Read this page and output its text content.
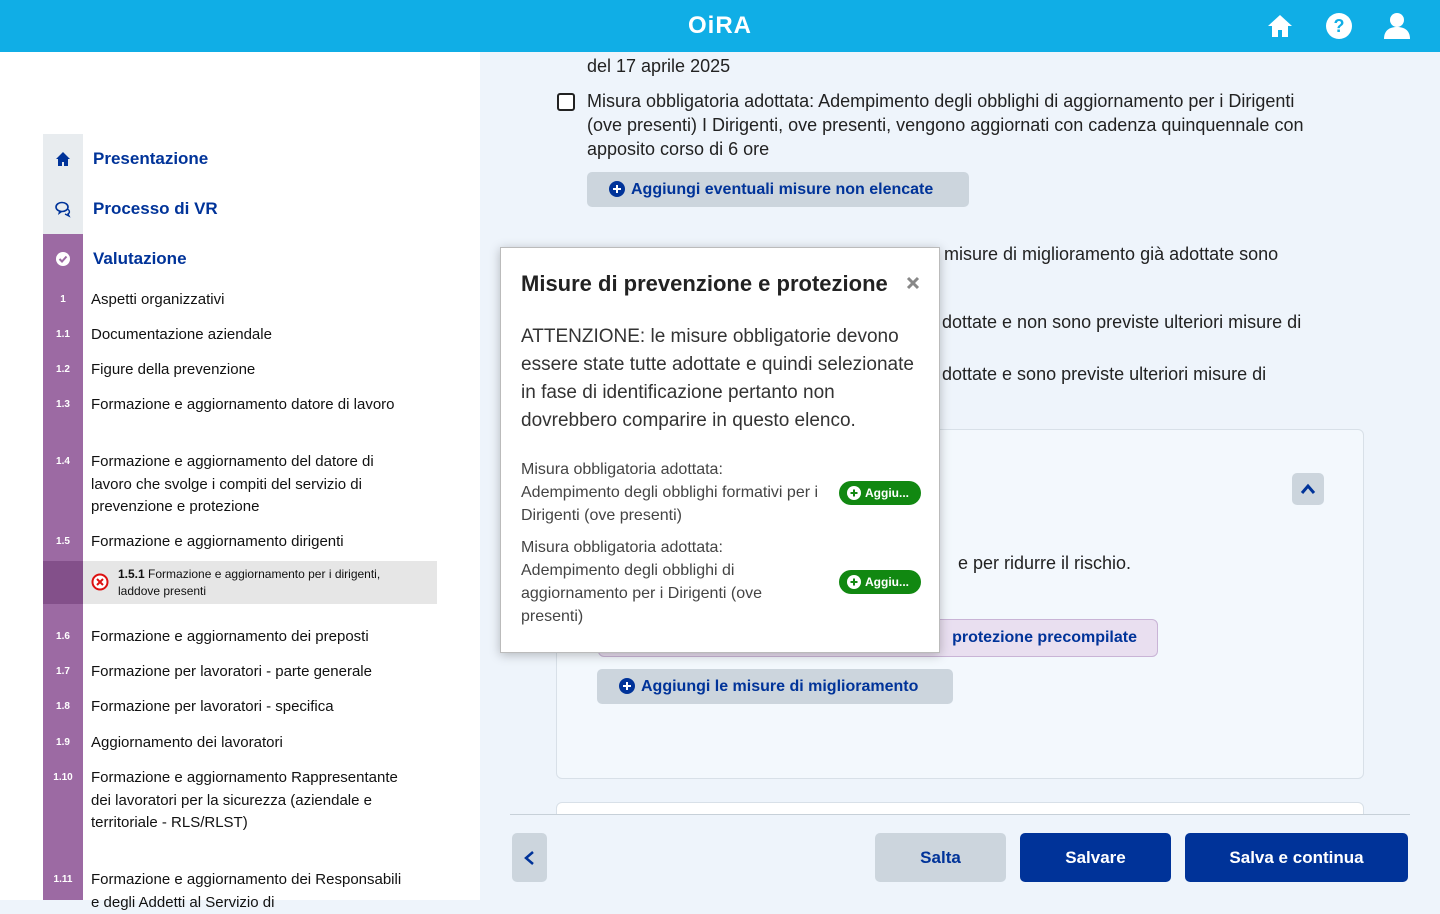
OiRA	?
Presentazione
Processo di VR
Valutazione
1	Aspetti organizzativi
1.1	Documentazione aziendale
1.2	Figure della prevenzione
1.3	Formazione e aggiornamento datore di lavoro
1.4	Formazione e aggiornamento del datore di lavoro che svolge i compiti del servizio di prevenzione e protezione
1.5	Formazione e aggiornamento dirigenti
1.5.1 Formazione e aggiornamento per i dirigenti, laddove presenti
1.6	Formazione e aggiornamento dei preposti
1.7	Formazione per lavoratori - parte generale
1.8	Formazione per lavoratori - specifica
1.9	Aggiornamento dei lavoratori
1.10	Formazione e aggiornamento Rappresentante dei lavoratori per la sicurezza (aziendale e territoriale - RLS/RLST)
1.11	Formazione e aggiornamento dei Responsabili e degli Addetti al Servizio di
del 17 aprile 2025
Misura obbligatoria adottata: Adempimento degli obblighi di aggiornamento per i Dirigenti (ove presenti) I Dirigenti, ove presenti, vengono aggiornati con cadenza quinquennale con apposito corso di 6 ore
Aggiungi eventuali misure non elencate
misure di miglioramento già adottate sono
dottate e non sono previste ulteriori misure di
dottate e sono previste ulteriori misure di
e per ridurre il rischio.
protezione precompilate
Aggiungi le misure di miglioramento
Salta	Salvare	Salva e continua
Misure di prevenzione e protezione
ATTENZIONE: le misure obbligatorie devono essere state tutte adottate e quindi selezionate in fase di identificazione pertanto non dovrebbero comparire in questo elenco.
Misura obbligatoria adottata: Adempimento degli obblighi formativi per i Dirigenti (ove presenti)
Aggiu...
Misura obbligatoria adottata: Adempimento degli obblighi di aggiornamento per i Dirigenti (ove presenti)
Aggiu...
